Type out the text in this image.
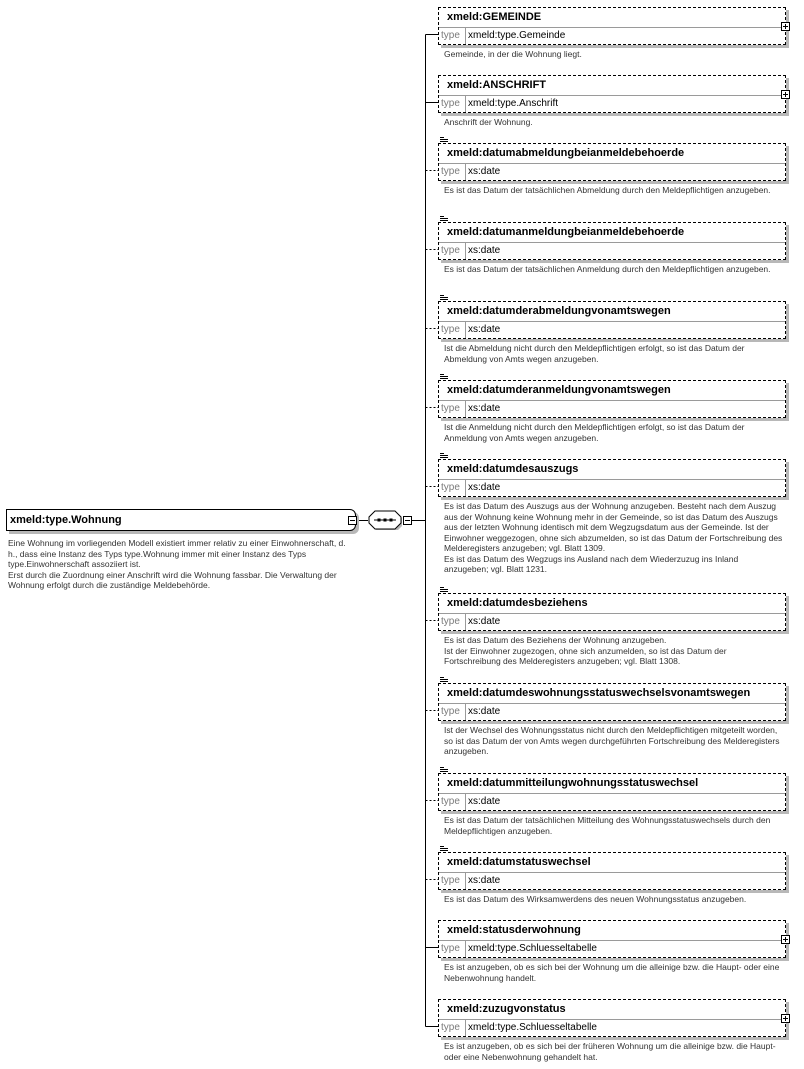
xmeld:type.Wohnung
Eine Wohnung im vorliegenden Modell existiert immer relativ zu einer Einwohnerschaft, d. h., dass eine Instanz des Typs type.Wohnung immer mit einer Instanz des Typs type.Einwohnerschaft assoziiert ist.
Erst durch die Zuordnung einer Anschrift wird die Wohnung fassbar. Die Verwaltung der Wohnung erfolgt durch die zuständige Meldebehörde.
xmeld:GEMEINDE
type xmeld:type.Gemeinde
Gemeinde, in der die Wohnung liegt.
xmeld:ANSCHRIFT
type xmeld:type.Anschrift
Anschrift der Wohnung.
xmeld:datumabmeldungbeianmeldebehoerde
type xs:date
Es ist das Datum der tatsächlichen Abmeldung durch den Meldepflichtigen anzugeben.
xmeld:datumanmeldungbeianmeldebehoerde
type xs:date
Es ist das Datum der tatsächlichen Anmeldung durch den Meldepflichtigen anzugeben.
xmeld:datumderabmeldungvonamtswegen
type xs:date
Ist die Abmeldung nicht durch den Meldepflichtigen erfolgt, so ist das Datum der Abmeldung von Amts wegen anzugeben.
xmeld:datumderanmeldungvonamtswegen
type xs:date
Ist die Anmeldung nicht durch den Meldepflichtigen erfolgt, so ist das Datum der Anmeldung von Amts wegen anzugeben.
xmeld:datumdesauszugs
type xs:date
Es ist das Datum des Auszugs aus der Wohnung anzugeben. Besteht nach dem Auszug aus der Wohnung keine Wohnung mehr in der Gemeinde, so ist das Datum des Auszugs aus der letzten Wohnung identisch mit dem Wegzugsdatum aus der Gemeinde. Ist der Einwohner weggezogen, ohne sich abzumelden, so ist das Datum der Fortschreibung des Melderegisters anzugeben; vgl. Blatt 1309.
Es ist das Datum des Wegzugs ins Ausland nach dem Wiederzuzug ins Inland anzugeben; vgl. Blatt 1231.
xmeld:datumdesbeziehens
type xs:date
Es ist das Datum des Beziehens der Wohnung anzugeben.
Ist der Einwohner zugezogen, ohne sich anzumelden, so ist das Datum der Fortschreibung des Melderegisters anzugeben; vgl. Blatt 1308.
xmeld:datumdeswohnungsstatuswechselsvonamtswegen
type xs:date
Ist der Wechsel des Wohnungsstatus nicht durch den Meldepflichtigen mitgeteilt worden, so ist das Datum der von Amts wegen durchgeführten Fortschreibung des Melderegisters anzugeben.
xmeld:datummitteilungwohnungsstatuswechsel
type xs:date
Es ist das Datum der tatsächlichen Mitteilung des Wohnungsstatuswechsels durch den Meldepflichtigen anzugeben.
xmeld:datumstatuswechsel
type xs:date
Es ist das Datum des Wirksamwerdens des neuen Wohnungsstatus anzugeben.
xmeld:statusderwohnung
type xmeld:type.Schluesseltabelle
Es ist anzugeben, ob es sich bei der Wohnung um die alleinige bzw. die Haupt- oder eine Nebenwohnung handelt.
xmeld:zuzugvonstatus
type xmeld:type.Schluesseltabelle
Es ist anzugeben, ob es sich bei der früheren Wohnung um die alleinige bzw. die Haupt- oder eine Nebenwohnung gehandelt hat.
